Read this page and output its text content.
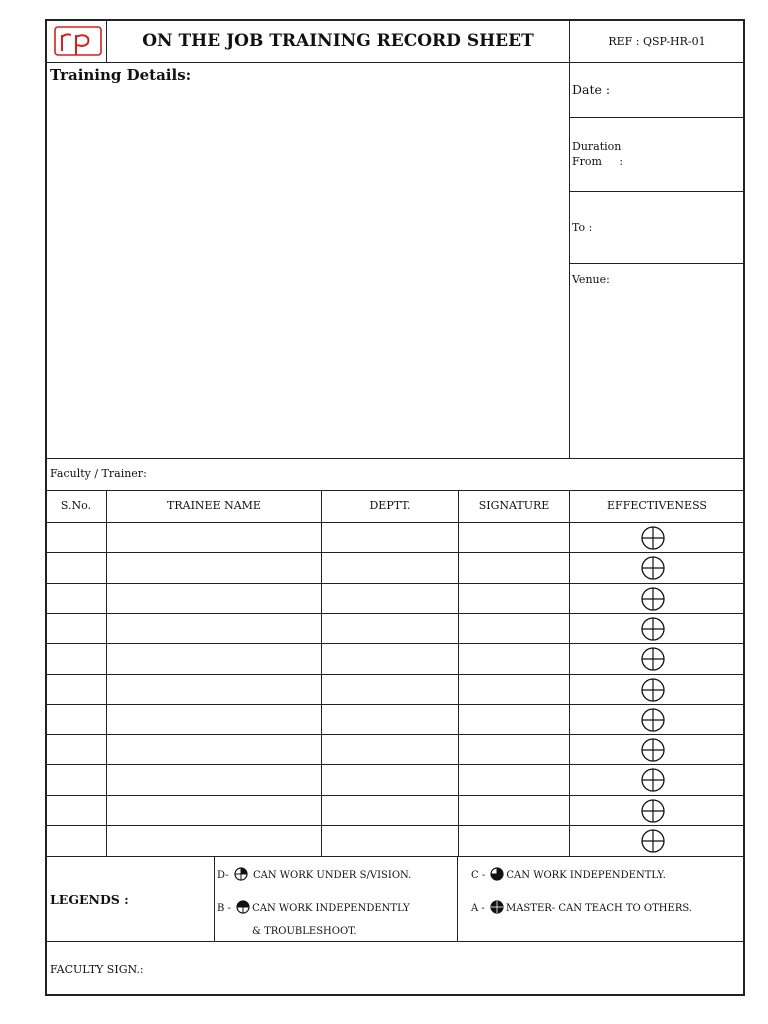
ON THE JOB TRAINING RECORD SHEET	REF : QSP-HR-01
Training Details:
Date :
Duration
From     :
To :
Venue:
Faculty / Trainer:
S.No.	TRAINEE NAME	DEPTT.	SIGNATURE	EFFECTIVENESS
LEGENDS :
D- CAN WORK UNDER S/VISION.
B - CAN WORK INDEPENDENTLY
& TROUBLESHOOT.
C - CAN WORK INDEPENDENTLY.
A - MASTER- CAN TEACH TO OTHERS.
FACULTY SIGN.:
